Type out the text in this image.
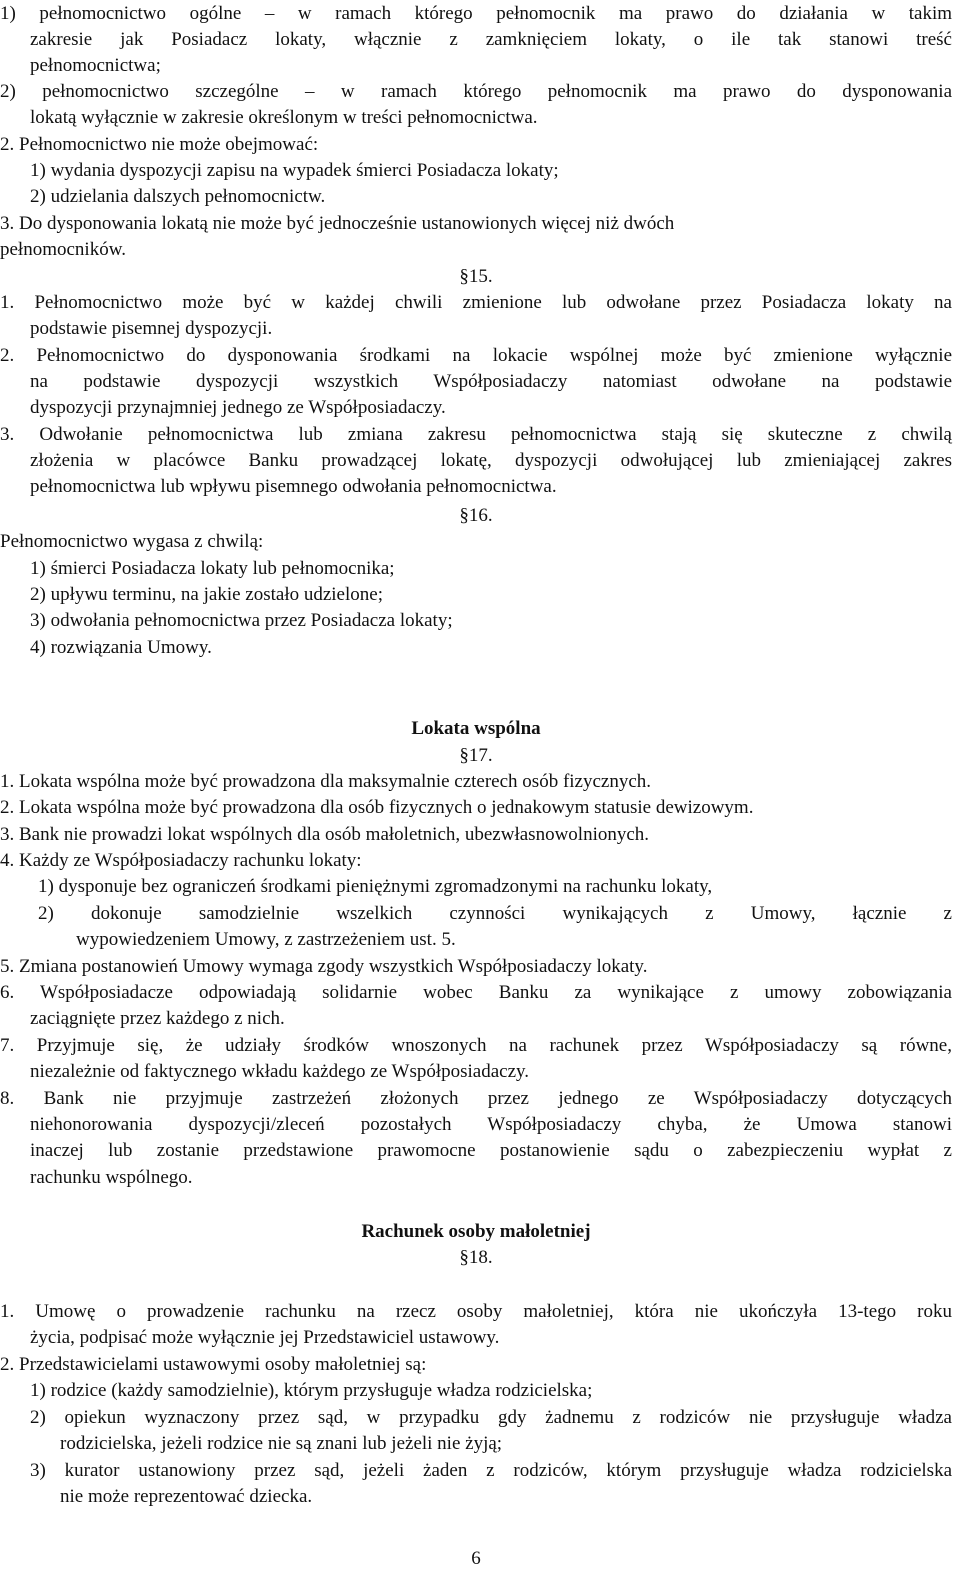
1) pełnomocnictwo ogólne – w ramach którego pełnomocnik ma prawo do działania w takim
zakresie jak Posiadacz lokaty, włącznie z zamknięciem lokaty, o ile tak stanowi treść
pełnomocnictwa;
2) pełnomocnictwo szczególne – w ramach którego pełnomocnik ma prawo do dysponowania
lokatą wyłącznie w zakresie określonym w treści pełnomocnictwa.
2. Pełnomocnictwo nie może obejmować:
1) wydania dyspozycji zapisu na wypadek śmierci Posiadacza lokaty;
2) udzielania dalszych pełnomocnictw.
3. Do dysponowania lokatą nie może być jednocześnie ustanowionych więcej niż dwóch
pełnomocników.
§15.
1. Pełnomocnictwo może być w każdej chwili zmienione lub odwołane przez Posiadacza lokaty na
podstawie pisemnej dyspozycji.
2. Pełnomocnictwo do dysponowania środkami na lokacie wspólnej może być zmienione wyłącznie
na podstawie dyspozycji wszystkich Współposiadaczy natomiast odwołane na podstawie
dyspozycji przynajmniej jednego ze Współposiadaczy.
3. Odwołanie pełnomocnictwa lub zmiana zakresu pełnomocnictwa stają się skuteczne z chwilą
złożenia w placówce Banku prowadzącej lokatę, dyspozycji odwołującej lub zmieniającej zakres
pełnomocnictwa lub wpływu pisemnego odwołania pełnomocnictwa.
§16.
Pełnomocnictwo wygasa z chwilą:
1) śmierci Posiadacza lokaty lub pełnomocnika;
2) upływu terminu, na jakie zostało udzielone;
3) odwołania pełnomocnictwa przez Posiadacza lokaty;
4) rozwiązania Umowy.
Lokata wspólna
§17.
1. Lokata wspólna może być prowadzona dla maksymalnie czterech osób fizycznych.
2. Lokata wspólna może być prowadzona dla osób fizycznych o jednakowym statusie dewizowym.
3. Bank nie prowadzi lokat wspólnych dla osób małoletnich, ubezwłasnowolnionych.
4. Każdy ze Współposiadaczy rachunku lokaty:
1) dysponuje bez ograniczeń środkami pieniężnymi zgromadzonymi na rachunku lokaty,
2) dokonuje samodzielnie wszelkich czynności wynikających z Umowy, łącznie z
wypowiedzeniem Umowy, z zastrzeżeniem ust. 5.
5. Zmiana postanowień Umowy wymaga zgody wszystkich Współposiadaczy lokaty.
6. Współposiadacze odpowiadają solidarnie wobec Banku za wynikające z umowy zobowiązania
zaciągnięte przez każdego z nich.
7. Przyjmuje się, że udziały środków wnoszonych na rachunek przez Współposiadaczy są równe,
niezależnie od faktycznego wkładu każdego ze Współposiadaczy.
8. Bank nie przyjmuje zastrzeżeń złożonych przez jednego ze Współposiadaczy dotyczących
niehonorowania dyspozycji/zleceń pozostałych Współposiadaczy chyba, że Umowa stanowi
inaczej lub zostanie przedstawione prawomocne postanowienie sądu o zabezpieczeniu wypłat z
rachunku wspólnego.
Rachunek osoby małoletniej
§18.
1. Umowę o prowadzenie rachunku na rzecz osoby małoletniej, która nie ukończyła 13-tego roku
życia, podpisać może wyłącznie jej Przedstawiciel ustawowy.
2. Przedstawicielami ustawowymi osoby małoletniej są:
1) rodzice (każdy samodzielnie), którym przysługuje władza rodzicielska;
2) opiekun wyznaczony przez sąd, w przypadku gdy żadnemu z rodziców nie przysługuje władza
rodzicielska, jeżeli rodzice nie są znani lub jeżeli nie żyją;
3) kurator ustanowiony przez sąd, jeżeli żaden z rodziców, którym przysługuje władza rodzicielska
nie może reprezentować dziecka.
6
